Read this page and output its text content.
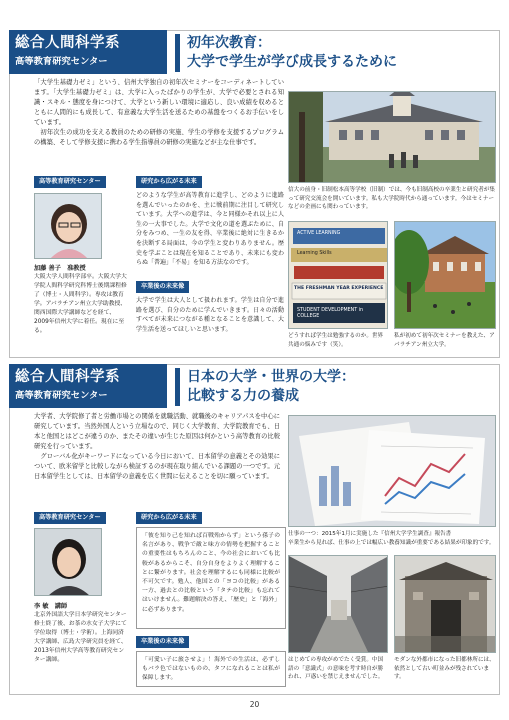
総合人間科学系
高等教育研究センター
初年次教育：
大学で学生が学び成長するために
「大学生基礎力ゼミ」という、信州大学独自の初年次セミナーをコーディネートしています。「大学生基礎力ゼミ」は、大学に入ったばかりの学生が、大学で必要とされる知識・スキル・態度を身につけて、大学という新しい環境に適応し、良い成績を収めるとともに人間的にも成長して、有意義な大学生活を送るための基盤をつくるお手伝いをしています。
　初年次生の成功を支える教員のための研修の実施、学生の学修を支援するプログラムの構築、そして学修支援に携わる学生指導員の研修の実施などが主な仕事です。
信大の前身・旧制松本高等学校（旧制）では、今も旧制高校の卒業生と研究者が集って研究交流会を開いています。私も大学院時代から通っています。今はセミナーなどの企画にも関わっています。
高等教育研究センター
加藤 善子　准教授
大阪大学人間科学部卒。大阪大学大学院人間科学研究科博士後期課程修了（博士・人間科学）。専攻は教育学。アパラチアン州立大学助教授、関西国際大学講師などを経て、2009年信州大学に着任。現在に至る。
研究から広がる未来
どのような学生が高等教育に進学し、どのように進路を選んでいったのかを、主に戦前期に注目して研究しています。大学への進学は、今と同様かそれ以上に人生の一大事でした。大学で文化の道を選ぶために、自分をみつめ、一生の友を得、卒業後に絶対に生きるかを決断する局面は、今の学生と変わりありません。歴史を学ぶことは現在を知ることであり、未来にも変わらぬ「普遍」「不易」を知る方法なのです。
卒業後の未来像
大学で学生は大人として扱われます。学生は自分で進路を選び、自分のために学んでいきます。日々の活動すべてが未来につながる種となることを意識して、大学生活を送ってほしいと思います。
ACTIVE LEARNING
Learning Skills
THE FRESHMAN YEAR EXPERIENCE
STUDENT DEVELOPMENT in COLLEGE
どうすれば学生は勉強するのか。世界共通の悩みです（笑）。
私が初めて初年次セミナーを教えた、アパラチアン州立大学。
総合人間科学系
高等教育研究センター
日本の大学・世界の大学：
比較する力の養成
大学者、大学院修了者と労働市場との関係を就職活動、就職後のキャリアパスを中心に研究しています。当然外国人という立場なので、同じく大学教育、大学院教育でも、日本と他国とはどこが違うのか、またその違いが生じた原因は何かという高等教育の比較研究を行っています。
　グローバル化がキーワードになっている今日において、日本留学の意義とその効果について、欧米留学と比較しながら検証するのが現在取り組んでいる課題の一つです。元日本留学生としては、日本留学の意義を広く世間に伝えることを切に願っています。
仕事の一つ：2015年1月に実施した『信州大学学生調査』報告書
卒業生から見れば、仕事の上では幅広い教養知識が重要である結果が印象的です。
高等教育研究センター
李 敏　講師
北京外国語大学日本学研究センター修士終了後、お茶の水女子大学にて学位取得（博士・学術）。上海同済大学講師、広島大学研究員を経て、2013年信州大学高等教育研究センター講師。
研究から広がる未来
「彼を知り己を知れば百戦殆からず」という孫子の名言があり、戦争で敵と味方の情勢を把握することの重要性はもちろんのこと、今の社会においても比較があるからこそ、自分自身をよりよく理解することに繋がります。社会を理解するにも同様に比較が不可欠です。勉人、他国との「ヨコの比較」がある一方、過去との比較という「タテの比較」も忘れてはいけません。難題解決の答え、「歴史」と「海外」に必ずあります。
卒業後の未来像
「可愛い子に旅させよ」！海外での生活は、必ずしもバラ色ではないものの、タフになれることは私が保障します。
はじめての専攻がめでたく受賞。中国語の「意識式」の意味を考す時自が勝われ、戸惑いを禁じえませんでした。
モダンな外都市になった旧都林所には、依然として古い町並みが残されています。
20
